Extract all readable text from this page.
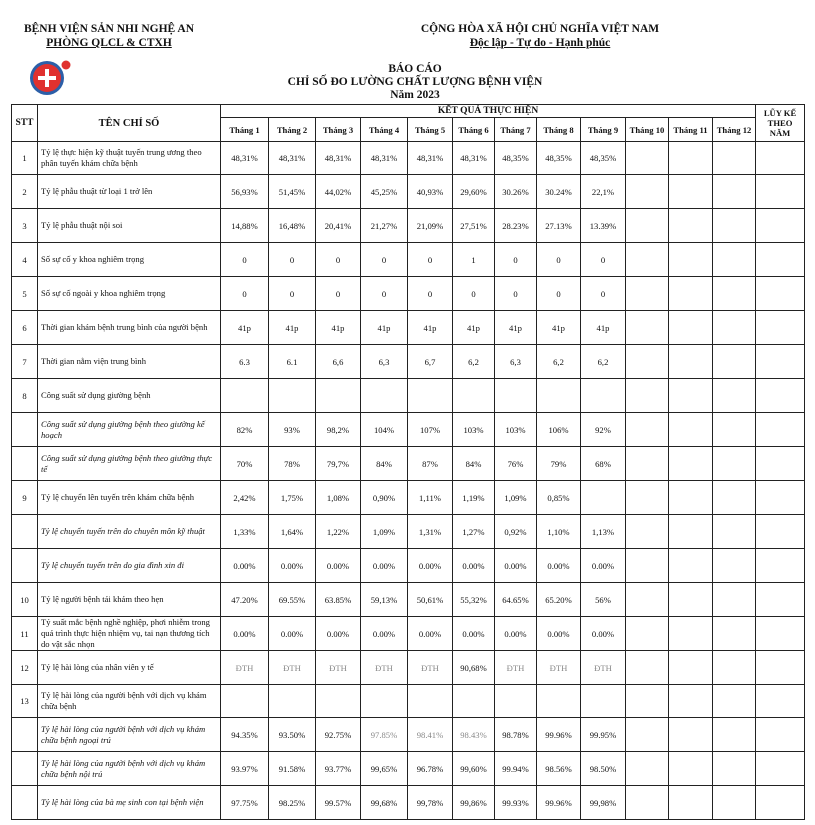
BỆNH VIỆN SẢN NHI NGHỆ AN
PHÒNG QLCL & CTXH
CỘNG HÒA XÃ HỘI CHỦ NGHĨA VIỆT NAM
Độc lập - Tự do - Hạnh phúc
BÁO CÁO
CHỈ SỐ ĐO LƯỜNG CHẤT LƯỢNG BỆNH VIỆN
Năm 2023
STT	TÊN CHỈ SỐ	KẾT QUẢ THỰC HIỆN												LŨY KẾ THEO NĂM
		Tháng 1	Tháng 2	Tháng 3	Tháng 4	Tháng 5	Tháng 6	Tháng 7	Tháng 8	Tháng 9	Tháng 10	Tháng 11	Tháng 12	
1	Tỷ lệ thực hiện kỹ thuật tuyến trung ương theo phân tuyến khám chữa bệnh	48,31%	48,31%	48,31%	48,31%	48,31%	48,31%	48,35%	48,35%	48,35%				
2	Tỷ lệ phẫu thuật từ loại 1 trở lên	56,93%	51,45%	44,02%	45,25%	40,93%	29,60%	30.26%	30.24%	22,1%				
3	Tỷ lệ phẫu thuật nội soi	14,88%	16,48%	20,41%	21,27%	21,09%	27,51%	28.23%	27.13%	13.39%				
4	Số sự cố y khoa nghiêm trọng	0	0	0	0	0	1	0	0	0				
5	Số sự cố ngoài y khoa nghiêm trọng	0	0	0	0	0	0	0	0	0				
6	Thời gian khám bệnh trung bình của người bệnh	41p	41p	41p	41p	41p	41p	41p	41p	41p				
7	Thời gian nằm viện trung bình	6.3	6.1	6,6	6,3	6,7	6,2	6,3	6,2	6,2				
8	Công suất sử dụng giường bệnh													
	Công suất sử dụng giường bệnh theo giường kế hoạch	82%	93%	98,2%	104%	107%	103%	103%	106%	92%				
	Công suất sử dụng giường bệnh theo giường thực tế	70%	78%	79,7%	84%	87%	84%	76%	79%	68%				
9	Tỷ lệ chuyển lên tuyến trên khám chữa bệnh	2,42%	1,75%	1,08%	0,90%	1,11%	1,19%	1,09%	0,85%					
	Tỷ lệ chuyển tuyến trên do chuyên môn kỹ thuật	1,33%	1,64%	1,22%	1,09%	1,31%	1,27%	0,92%	1,10%	1,13%				
	Tỷ lệ chuyển tuyến trên do gia đình xin đi	0.00%	0.00%	0.00%	0.00%	0.00%	0.00%	0.00%	0.00%	0.00%				
10	Tỷ lệ người bệnh tái khám theo hẹn	47.20%	69.55%	63.85%	59,13%	50,61%	55,32%	64.65%	65.20%	56%				
11	Tỷ suất mắc bệnh nghề nghiệp, phơi nhiễm trong quá trình thực hiện nhiệm vụ, tai nạn thương tích do vật sắc nhọn	0.00%	0.00%	0.00%	0.00%	0.00%	0.00%	0.00%	0.00%	0.00%				
12	Tỷ lệ hài lòng của nhân viên y tế	ĐTH	ĐTH	ĐTH	ĐTH	ĐTH	90,68%	ĐTH	ĐTH	ĐTH				
13	Tỷ lệ hài lòng của người bệnh với dịch vụ khám chữa bệnh													
	Tỷ lệ hài lòng của người bệnh với dịch vụ khám chữa bệnh ngoại trú	94.35%	93.50%	92.75%	97.85%	98.41%	98.43%	98.78%	99.96%	99.95%				
	Tỷ lệ hài lòng của người bệnh với dịch vụ khám chữa bệnh nội trú	93.97%	91.58%	93.77%	99,65%	96.78%	99,60%	99.94%	98.56%	98.50%				
	Tỷ lệ hài lòng của bà mẹ sinh con tại bệnh viện	97.75%	98.25%	99.57%	99,68%	99,78%	99,86%	99.93%	99.96%	99,98%				
